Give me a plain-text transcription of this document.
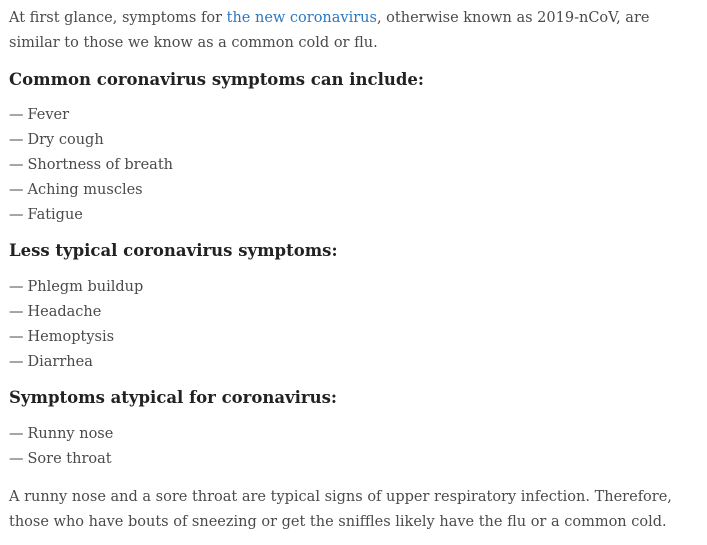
At first glance, symptoms for the new coronavirus, otherwise known as 2019-nCoV, are similar to those we know as a common cold or flu.

Common coronavirus symptoms can include:
— Fever
— Dry cough
— Shortness of breath
— Aching muscles
— Fatigue
Less typical coronavirus symptoms:
— Phlegm buildup
— Headache
— Hemoptysis
— Diarrhea
Symptoms atypical for coronavirus:
— Runny nose
— Sore throat

A runny nose and a sore throat are typical signs of upper respiratory infection. Therefore, those who have bouts of sneezing or get the sniffles likely have the flu or a common cold.
